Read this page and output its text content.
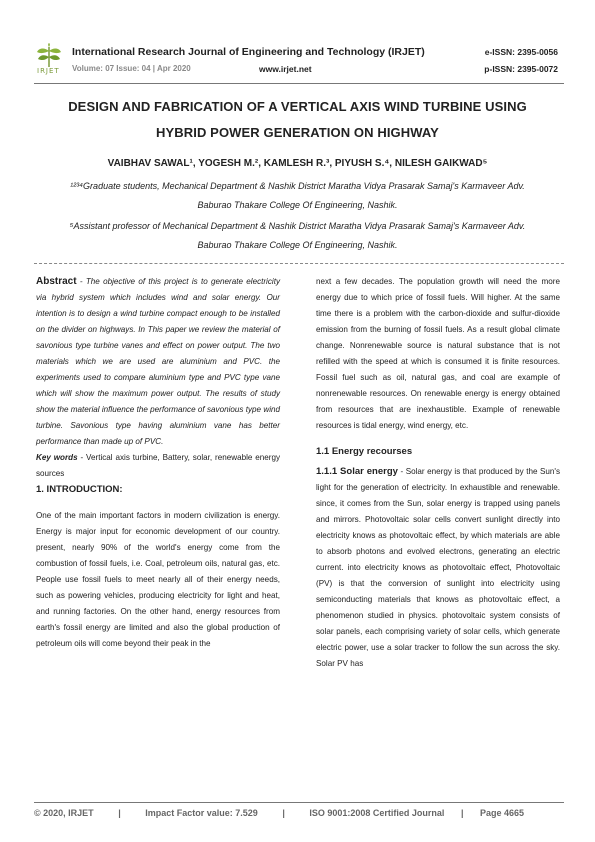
IRJET
International Research Journal of Engineering and Technology (IRJET)	e-ISSN: 2395-0056
Volume: 07 Issue: 04 | Apr 2020	www.irjet.net	p-ISSN: 2395-0072
DESIGN AND FABRICATION OF A VERTICAL AXIS WIND TURBINE USING
HYBRID POWER GENERATION ON HIGHWAY
VAIBHAV SAWAL¹, YOGESH M.², KAMLESH R.³, PIYUSH S.⁴, NILESH GAIKWAD⁵
¹²³⁴Graduate students, Mechanical Department & Nashik District Maratha Vidya Prasarak Samaj's Karmaveer Adv.
Baburao Thakare College Of Engineering, Nashik.
⁵Assistant professor of Mechanical Department & Nashik District Maratha Vidya Prasarak Samaj's Karmaveer Adv.
Baburao Thakare College Of Engineering, Nashik.

Abstract - The objective of this project is to generate electricity via hybrid system which includes wind and solar energy. Our intention is to design a wind turbine compact enough to be installed on the divider on highways. In This paper we review the material of savonious type turbine vanes and effect on power output. The two materials which we are used are aluminium and PVC. the experiments used to compare aluminium type and PVC type vane which will show the maximum power output. The results of study show the material influence the performance of savonious type wind turbine. Savonious type having aluminium vane has better performance than made up of PVC.

Key words - Vertical axis turbine, Battery, solar, renewable energy sources

1. INTRODUCTION:

One of the main important factors in modern civilization is energy. Energy is major input for economic development of our country. present, nearly 90% of the world's energy come from the combustion of fossil fuels, i.e. Coal, petroleum oils, natural gas, etc. People use fossil fuels to meet nearly all of their energy needs, such as powering vehicles, producing electricity for light and heat, and running factories. On the other hand, energy resources from earth's fossil energy are limited and also the global production of petroleum oils will come beyond their peak in the

next a few decades. The population growth will need the more energy due to which price of fossil fuels. Will higher. At the same time there is a problem with the carbon-dioxide and sulfur-dioxide emission from the burning of fossil fuels. As a result global climate change. Nonrenewable source is natural substance that is not refilled with the speed at which is consumed it is finite resources. Fossil fuel such as oil, natural gas, and coal are example of nonrenewable resources. On renewable energy is energy obtained from resources that are inexhaustible. Example of renewable resources is tidal energy, wind energy, etc.

1.1 Energy recourses

1.1.1 Solar energy - Solar energy is that produced by the Sun's light for the generation of electricity. In exhaustible and renewable. since, it comes from the Sun, solar energy is trapped using panels and mirrors. Photovoltaic solar cells convert sunlight directly into electricity knows as photovoltaic effect, by which materials are able to absorb photons and evolved electrons, generating an electric current. into electricity knows as photovoltaic effect, Photovoltaic (PV) is that the conversion of sunlight into electricity using semiconducting materials that knows as photovoltaic effect, a phenomenon studied in physics. photovoltaic system consists of solar panels, each comprising variety of solar cells, which generate electric power, use a solar tracker to follow the sun across the sky. Solar PV has

© 2020, IRJET	|	Impact Factor value: 7.529	|	ISO 9001:2008 Certified Journal | Page 4665
